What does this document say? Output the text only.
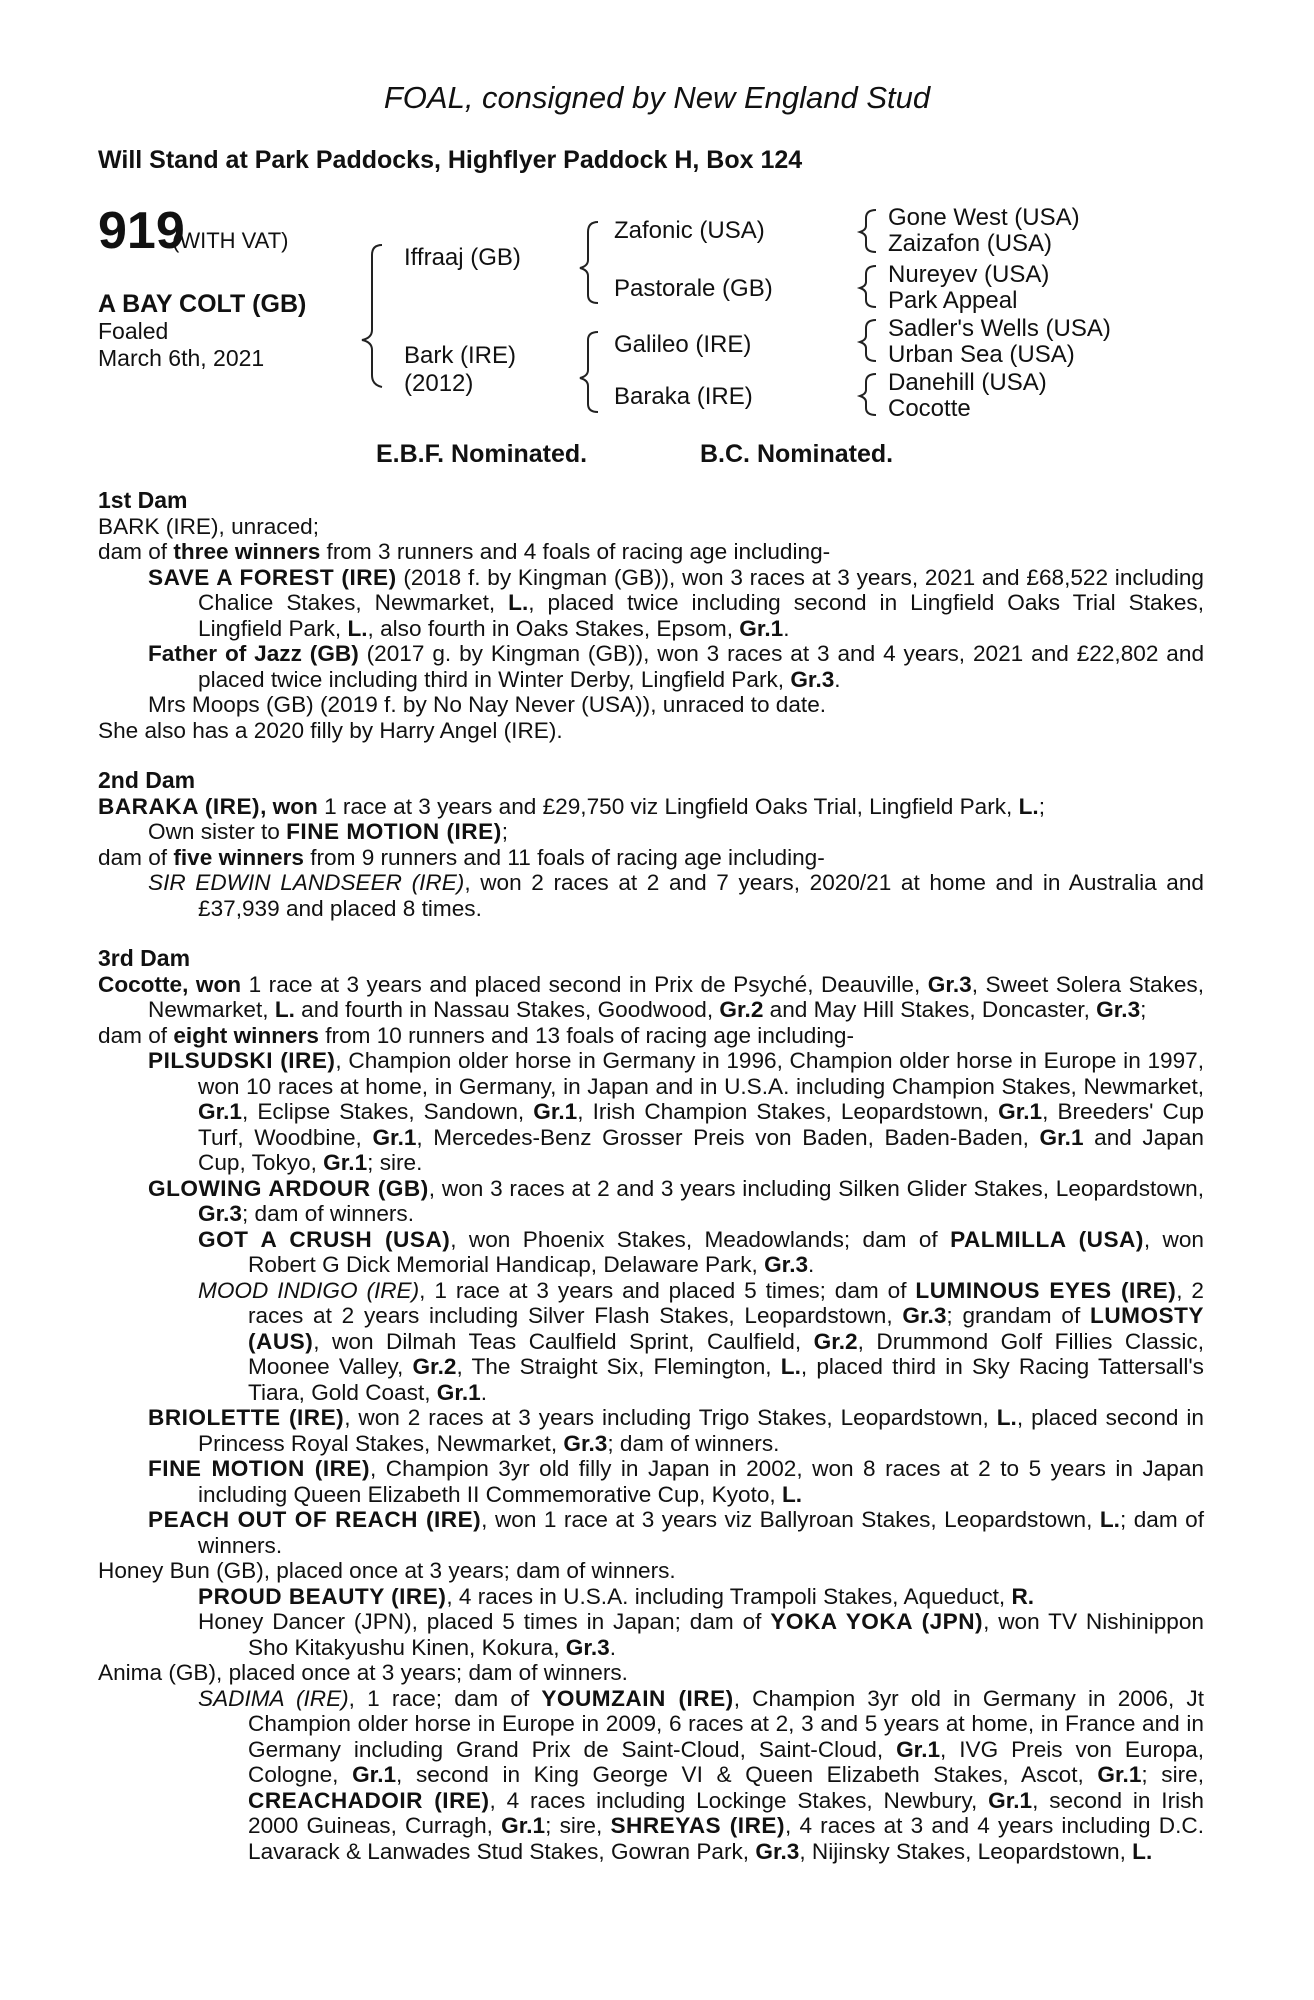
FOAL, consigned by New England Stud
Will Stand at Park Paddocks, Highflyer Paddock H, Box 124
919
(WITH VAT)
A BAY COLT (GB)
Foaled
March 6th, 2021
Iffraaj (GB)
Bark (IRE)
(2012)
Zafonic (USA)
Pastorale (GB)
Galileo (IRE)
Baraka (IRE)
Gone West (USA)
Zaizafon (USA)
Nureyev (USA)
Park Appeal
Sadler's Wells (USA)
Urban Sea (USA)
Danehill (USA)
Cocotte
E.B.F. Nominated.	B.C. Nominated.

1st Dam

BARK (IRE), unraced;

dam of three winners from 3 runners and 4 foals of racing age including-

SAVE A FOREST (IRE) (2018 f. by Kingman (GB)), won 3 races at 3 years, 2021 and £68,522 including Chalice Stakes, Newmarket, L., placed twice including second in Lingfield Oaks Trial Stakes, Lingfield Park, L., also fourth in Oaks Stakes, Epsom, Gr.1.

Father of Jazz (GB) (2017 g. by Kingman (GB)), won 3 races at 3 and 4 years, 2021 and £22,802 and placed twice including third in Winter Derby, Lingfield Park, Gr.3.

Mrs Moops (GB) (2019 f. by No Nay Never (USA)), unraced to date.

She also has a 2020 filly by Harry Angel (IRE).

2nd Dam

BARAKA (IRE), won 1 race at 3 years and £29,750 viz Lingfield Oaks Trial, Lingfield Park, L.;
Own sister to FINE MOTION (IRE);

dam of five winners from 9 runners and 11 foals of racing age including-

SIR EDWIN LANDSEER (IRE), won 2 races at 2 and 7 years, 2020/21 at home and in Australia and £37,939 and placed 8 times.

3rd Dam

Cocotte, won 1 race at 3 years and placed second in Prix de Psyché, Deauville, Gr.3, Sweet Solera Stakes, Newmarket, L. and fourth in Nassau Stakes, Goodwood, Gr.2 and May Hill Stakes, Doncaster, Gr.3;

dam of eight winners from 10 runners and 13 foals of racing age including-

PILSUDSKI (IRE), Champion older horse in Germany in 1996, Champion older horse in Europe in 1997, won 10 races at home, in Germany, in Japan and in U.S.A. including Champion Stakes, Newmarket, Gr.1, Eclipse Stakes, Sandown, Gr.1, Irish Champion Stakes, Leopardstown, Gr.1, Breeders' Cup Turf, Woodbine, Gr.1, Mercedes-Benz Grosser Preis von Baden, Baden-Baden, Gr.1 and Japan Cup, Tokyo, Gr.1; sire.

GLOWING ARDOUR (GB), won 3 races at 2 and 3 years including Silken Glider Stakes, Leopardstown, Gr.3; dam of winners.

GOT A CRUSH (USA), won Phoenix Stakes, Meadowlands; dam of PALMILLA (USA), won Robert G Dick Memorial Handicap, Delaware Park, Gr.3.

MOOD INDIGO (IRE), 1 race at 3 years and placed 5 times; dam of LUMINOUS EYES (IRE), 2 races at 2 years including Silver Flash Stakes, Leopardstown, Gr.3; grandam of LUMOSTY (AUS), won Dilmah Teas Caulfield Sprint, Caulfield, Gr.2, Drummond Golf Fillies Classic, Moonee Valley, Gr.2, The Straight Six, Flemington, L., placed third in Sky Racing Tattersall's Tiara, Gold Coast, Gr.1.

BRIOLETTE (IRE), won 2 races at 3 years including Trigo Stakes, Leopardstown, L., placed second in Princess Royal Stakes, Newmarket, Gr.3; dam of winners.

FINE MOTION (IRE), Champion 3yr old filly in Japan in 2002, won 8 races at 2 to 5 years in Japan including Queen Elizabeth II Commemorative Cup, Kyoto, L.

PEACH OUT OF REACH (IRE), won 1 race at 3 years viz Ballyroan Stakes, Leopardstown, L.; dam of winners.

Honey Bun (GB), placed once at 3 years; dam of winners.

PROUD BEAUTY (IRE), 4 races in U.S.A. including Trampoli Stakes, Aqueduct, R.

Honey Dancer (JPN), placed 5 times in Japan; dam of YOKA YOKA (JPN), won TV Nishinippon Sho Kitakyushu Kinen, Kokura, Gr.3.

Anima (GB), placed once at 3 years; dam of winners.

SADIMA (IRE), 1 race; dam of YOUMZAIN (IRE), Champion 3yr old in Germany in 2006, Jt Champion older horse in Europe in 2009, 6 races at 2, 3 and 5 years at home, in France and in Germany including Grand Prix de Saint-Cloud, Saint-Cloud, Gr.1, IVG Preis von Europa, Cologne, Gr.1, second in King George VI & Queen Elizabeth Stakes, Ascot, Gr.1; sire, CREACHADOIR (IRE), 4 races including Lockinge Stakes, Newbury, Gr.1, second in Irish 2000 Guineas, Curragh, Gr.1; sire, SHREYAS (IRE), 4 races at 3 and 4 years including D.C. Lavarack & Lanwades Stud Stakes, Gowran Park, Gr.3, Nijinsky Stakes, Leopardstown, L.
